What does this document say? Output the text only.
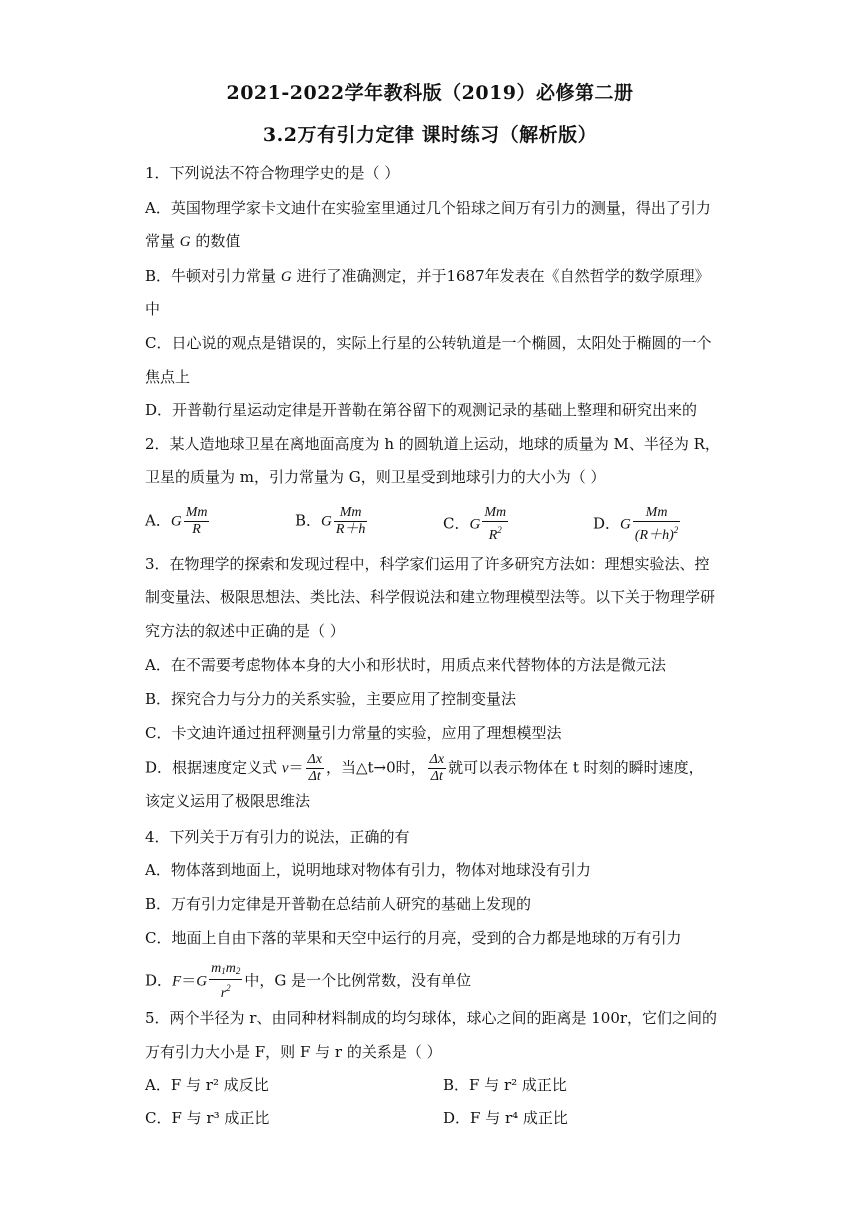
2021-2022学年教科版（2019）必修第二册
3.2万有引力定律 课时练习（解析版）
1．下列说法不符合物理学史的是（ ）
A．英国物理学家卡文迪什在实验室里通过几个铅球之间万有引力的测量，得出了引力
常量 G 的数值
B．牛顿对引力常量 G 进行了准确测定，并于1687年发表在《自然哲学的数学原理》
中
C．日心说的观点是错误的，实际上行星的公转轨道是一个椭圆，太阳处于椭圆的一个
焦点上
D．开普勒行星运动定律是开普勒在第谷留下的观测记录的基础上整理和研究出来的
2．某人造地球卫星在离地面高度为 h 的圆轨道上运动，地球的质量为 M、半径为 R，
卫星的质量为 m，引力常量为 G，则卫星受到地球引力的大小为（ ）
A．G $\frac{Mm}{R}$	B．G $\frac{Mm}{R+h}$	C．G $\frac{Mm}{R^2}$	D．G $\frac{Mm}{(R+h)^2}$
3．在物理学的探索和发现过程中，科学家们运用了许多研究方法如：理想实验法、控
制变量法、极限思想法、类比法、科学假说法和建立物理模型法等。以下关于物理学研
究方法的叙述中正确的是（ ）
A．在不需要考虑物体本身的大小和形状时，用质点来代替物体的方法是微元法
B．探究合力与分力的关系实验，主要应用了控制变量法
C．卡文迪许通过扭秤测量引力常量的实验，应用了理想模型法
D．根据速度定义式 $v= \frac{\Delta x}{\Delta t}$ ，当△t→0时， $\frac{\Delta x}{\Delta t}$ 就可以表示物体在 t 时刻的瞬时速度，
该定义运用了极限思维法
4．下列关于万有引力的说法，正确的有
A．物体落到地面上，说明地球对物体有引力，物体对地球没有引力
B．万有引力定律是开普勒在总结前人研究的基础上发现的
C．地面上自由下落的苹果和天空中运行的月亮，受到的合力都是地球的万有引力
D．$F=G \frac{m_1m_2}{r^2}$ 中，G 是一个比例常数，没有单位
5．两个半径为 r、由同种材料制成的均匀球体，球心之间的距离是 100r，它们之间的
万有引力大小是 F，则 F 与 r 的关系是（ ）
A．F 与 r² 成反比	B．F 与 r² 成正比
C．F 与 r³ 成正比	D．F 与 r⁴ 成正比
